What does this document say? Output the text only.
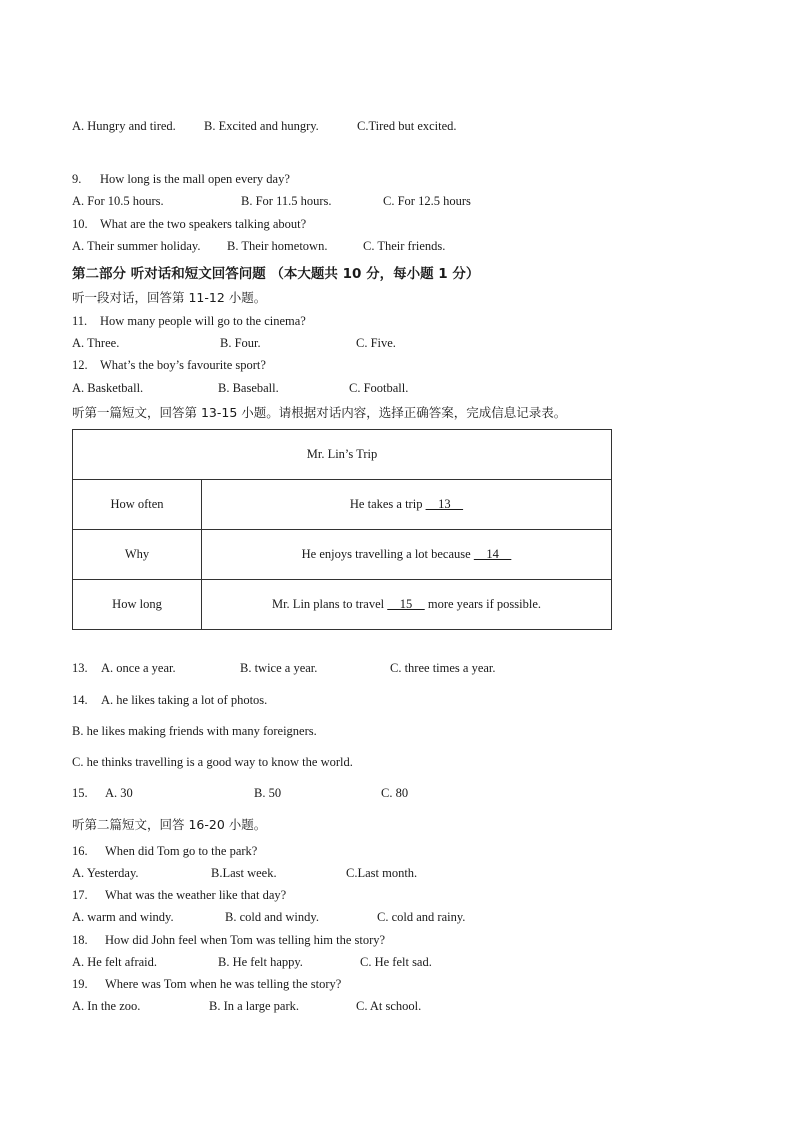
A. Hungry and tired. B. Excited and hungry.	C.Tired but excited.
9. How long is the mall open every day?
A. For 10.5 hours.	B. For 11.5 hours.	C. For 12.5 hours
10. What are the two speakers talking about?
A. Their summer holiday. B. Their hometown.	C. Their friends.
第二部分 听对话和短文回答问题 （本大题共 10 分，每小题 1 分）
听一段对话，回答第 11-12 小题。
11. How many people will go to the cinema?
A. Three.	B. Four.	C. Five.
12. What’s the boy’s favourite sport?
A. Basketball.	B. Baseball.	C. Football.
听第一篇短文，回答第 13-15 小题。请根据对话内容，选择正确答案，完成信息记录表。
Mr. Lin’s Trip	
How often	He takes a trip     13
Why	He enjoys travelling a lot because     14
How long	Mr. Lin plans to travel     15     more years if possible.
13. A. once a year.	B. twice a year.	C. three times a year.
14. A. he likes taking a lot of photos.
B. he likes making friends with many foreigners.
C. he thinks travelling is a good way to know the world.
15. A. 30	B. 50	C. 80
听第二篇短文，回答 16-20 小题。
16. When did Tom go to the park?
A. Yesterday.	B.Last week.	C.Last month.
17. What was the weather like that day?
A. warm and windy.	B. cold and windy.	C. cold and rainy.
18. How did John feel when Tom was telling him the story?
A. He felt afraid.	B. He felt happy.	C. He felt sad.
19. Where was Tom when he was telling the story?
A. In the zoo.	B. In a large park.	C. At school.
